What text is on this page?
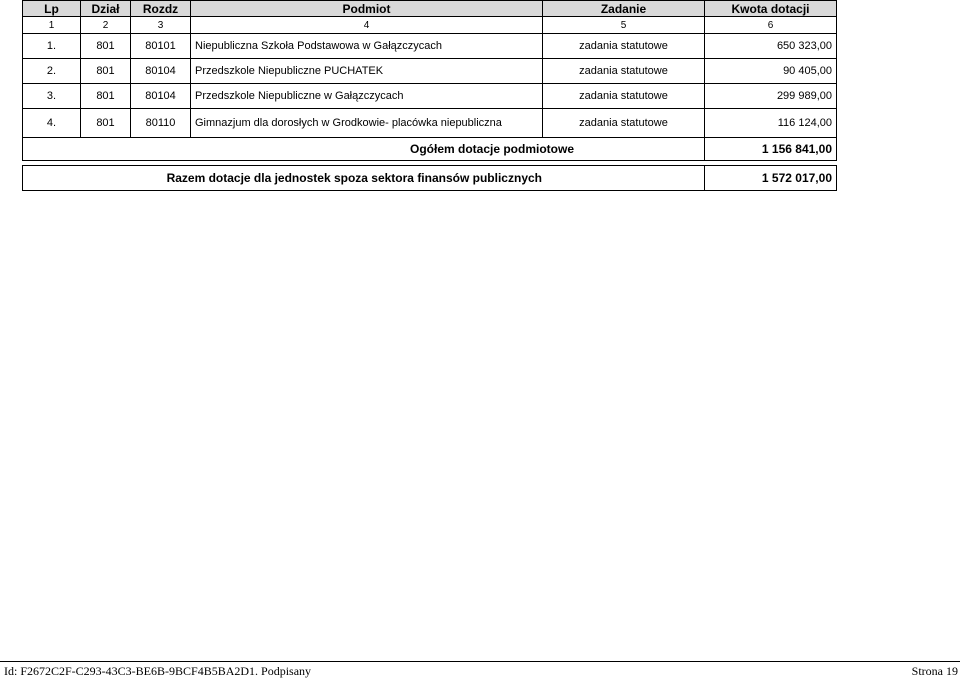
Lp	Dział	Rozdz	Podmiot	Zadanie	Kwota dotacji
1	2	3	4	5	6
1.	801	80101	Niepubliczna Szkoła Podstawowa w Gałązczycach	zadania statutowe	650 323,00
2.	801	80104	Przedszkole Niepubliczne PUCHATEK	zadania statutowe	90 405,00
3.	801	80104	Przedszkole Niepubliczne w Gałązczycach	zadania statutowe	299 989,00
4.	801	80110	Gimnazjum dla dorosłych w Grodkowie- placówka niepubliczna	zadania statutowe	116 124,00
Ogółem dotacje podmiotowe					1 156 841,00

Razem dotacje dla jednostek spoza sektora finansów publicznych					1 572 017,00
Id: F2672C2F-C293-43C3-BE6B-9BCF4B5BA2D1. Podpisany	Strona 19
